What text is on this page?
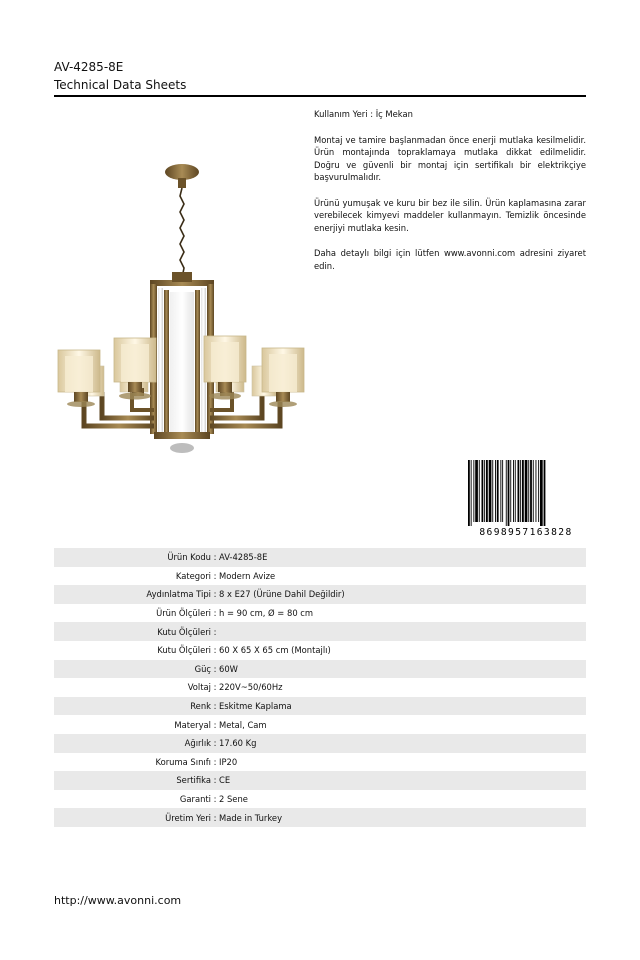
AV-4285-8E

Technical Data Sheets

Kullanım Yeri : İç Mekan

Montaj ve tamire başlanmadan önce enerji mutlaka kesilmelidir. Ürün montajında topraklamaya mutlaka dikkat edilmelidir. Doğru ve güvenli bir montaj için sertifikalı bir elektrikçiye başvurulmalıdır.

Ürünü yumuşak ve kuru bir bez ile silin. Ürün kaplamasına zarar verebilecek kimyevi maddeler kullanmayın. Temizlik öncesinde enerjiyi mutlaka kesin.

Daha detaylı bilgi için lütfen www.avonni.com adresini ziyaret edin.

8698957163828
Ürün Kodu : AV-4285-8E
Kategori : Modern Avize
Aydınlatma Tipi : 8 x E27 (Ürüne Dahil Değildir)
Ürün Ölçüleri : h = 90 cm, Ø = 80 cm
Kutu Ölçüleri :
Kutu Ölçüleri : 60 X 65 X 65 cm (Montajlı)
Güç : 60W
Voltaj : 220V~50/60Hz
Renk : Eskitme Kaplama
Materyal : Metal, Cam
Ağırlık : 17.60 Kg
Koruma Sınıfı : IP20
Sertifika : CE
Garanti : 2 Sene
Üretim Yeri : Made in Turkey
http://www.avonni.com
